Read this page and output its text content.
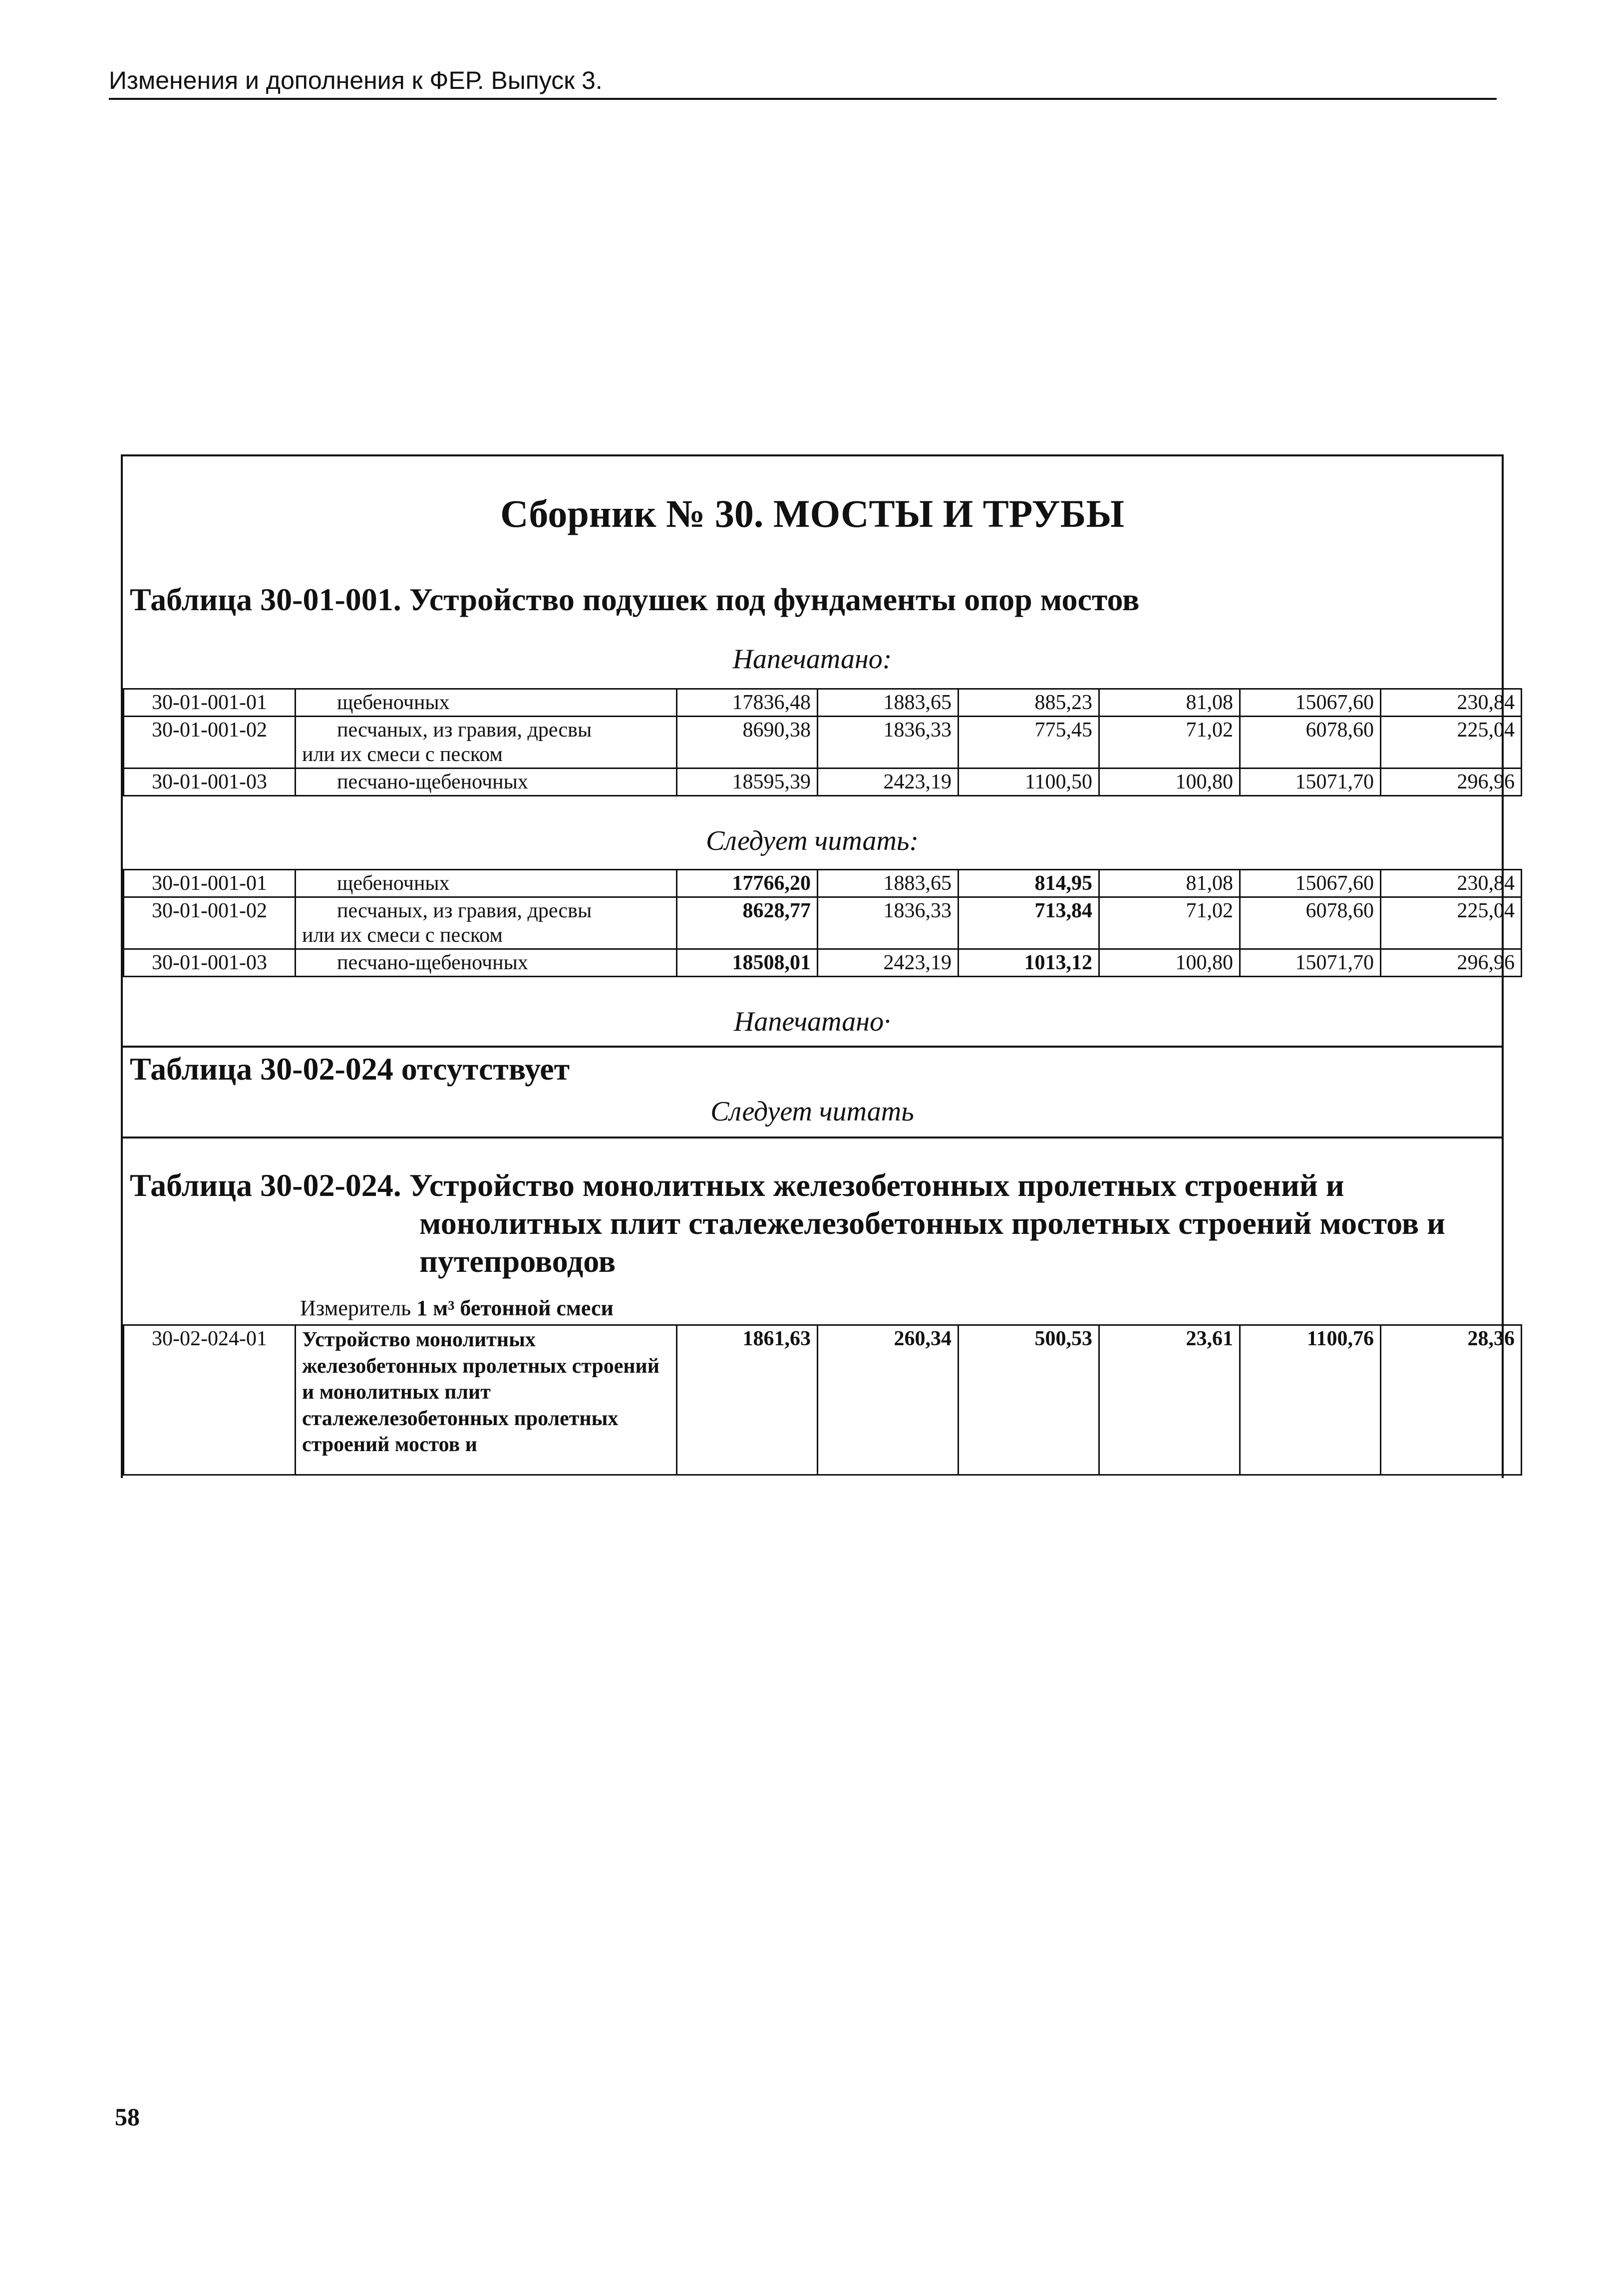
Изменения и дополнения к ФЕР. Выпуск 3.
Сборник № 30. МОСТЫ И ТРУБЫ
Таблица 30-01-001. Устройство подушек под фундаменты опор мостов
Напечатано:
30-01-001-01	щебеночных	17836,48	1883,65	885,23	81,08	15067,60	230,84
30-01-001-02	песчаных, из гравия, дресвы
или их смеси с песком	8690,38	1836,33	775,45	71,02	6078,60	225,04
30-01-001-03	песчано-щебеночных	18595,39	2423,19	1100,50	100,80	15071,70	296,96
Следует читать:
30-01-001-01	щебеночных	17766,20	1883,65	814,95	81,08	15067,60	230,84
30-01-001-02	песчаных, из гравия, дресвы
или их смеси с песком	8628,77	1836,33	713,84	71,02	6078,60	225,04
30-01-001-03	песчано-щебеночных	18508,01	2423,19	1013,12	100,80	15071,70	296,96
Напечатано·
Таблица 30-02-024 отсутствует
Следует читать
Таблица 30-02-024. Устройство монолитных железобетонных пролетных строений и
монолитных плит сталежелезобетонных пролетных строений мостов и
путепроводов
Измеритель 1 м³ бетонной смеси
30-02-024-01	Устройство монолитных железобетонных пролетных строений и монолитных плит сталежелезобетонных пролетных строений мостов и	1861,63	260,34	500,53	23,61	1100,76	28,36
58
